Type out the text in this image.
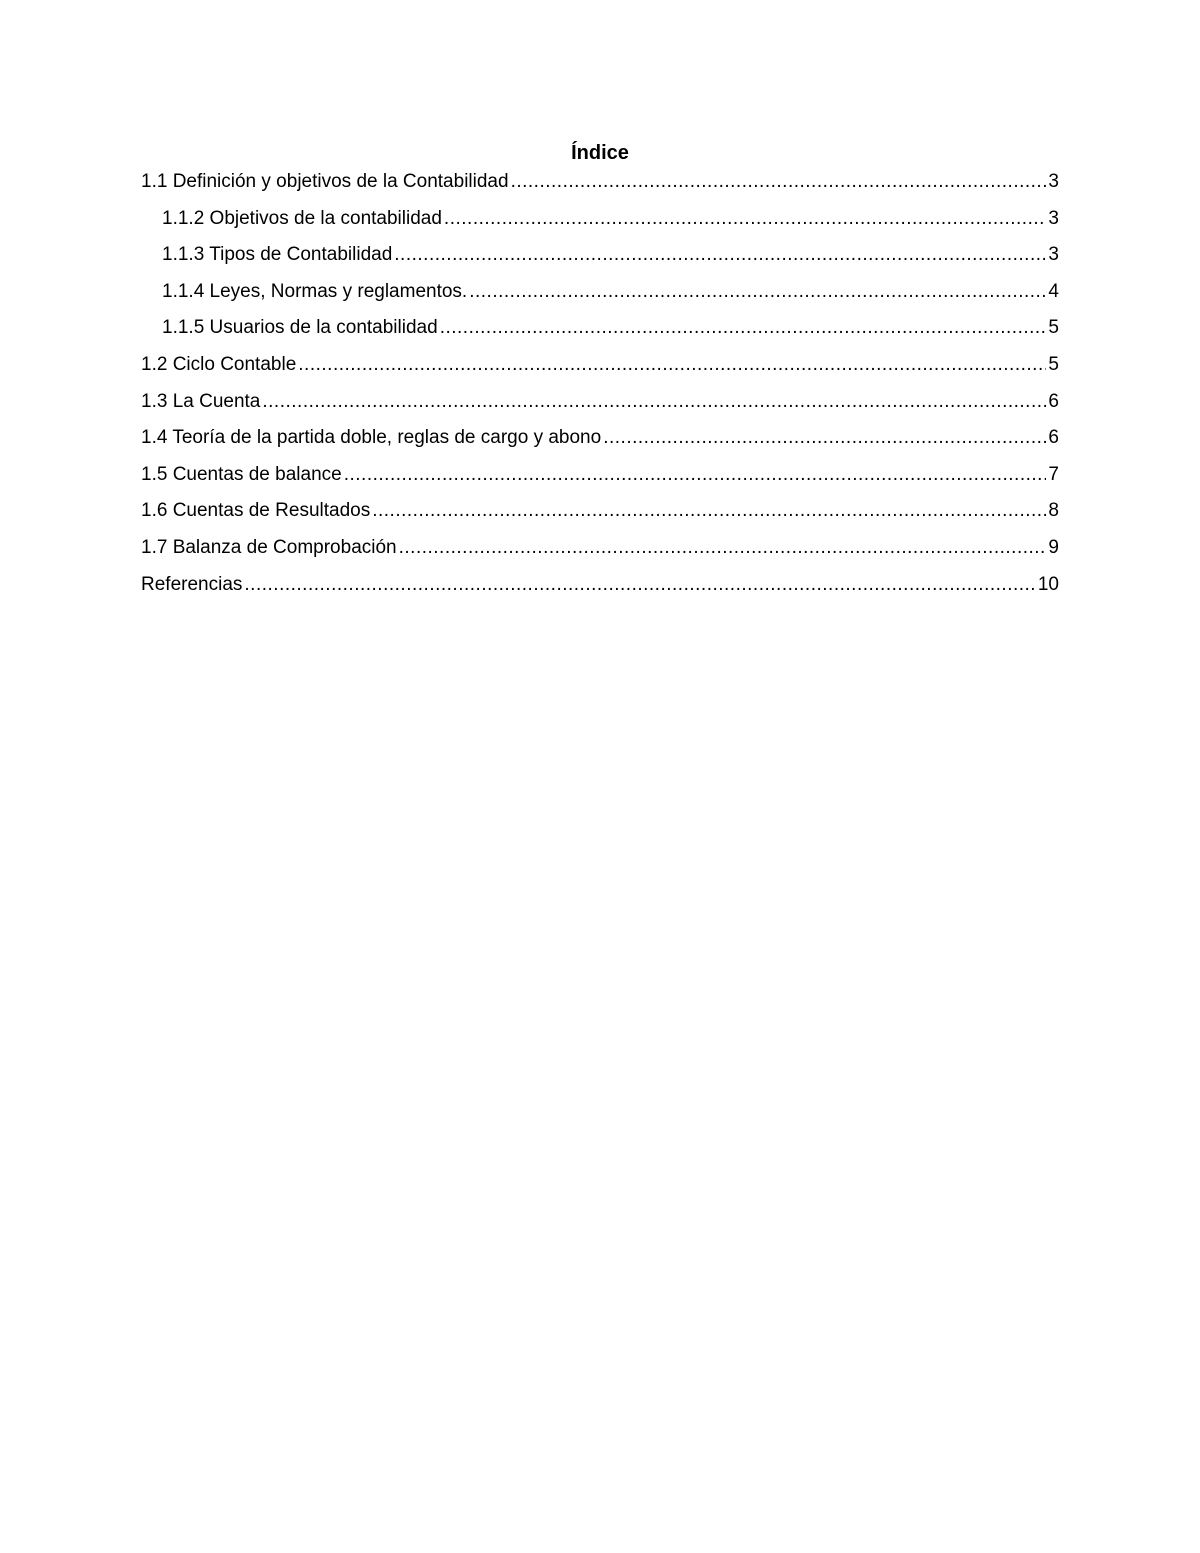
Índice
1.1 Definición y objetivos de la Contabilidad .....	3
1.1.2 Objetivos de la contabilidad .....	3
1.1.3 Tipos de Contabilidad .....	3
1.1.4 Leyes, Normas y reglamentos. .....	4
1.1.5 Usuarios de la contabilidad .....	5
1.2 Ciclo Contable .....	5
1.3 La Cuenta .....	6
1.4 Teoría de la partida doble, reglas de cargo y abono .....	6
1.5 Cuentas de balance .....	7
1.6 Cuentas de Resultados .....	8
1.7 Balanza de Comprobación .....	9
Referencias .....	10
